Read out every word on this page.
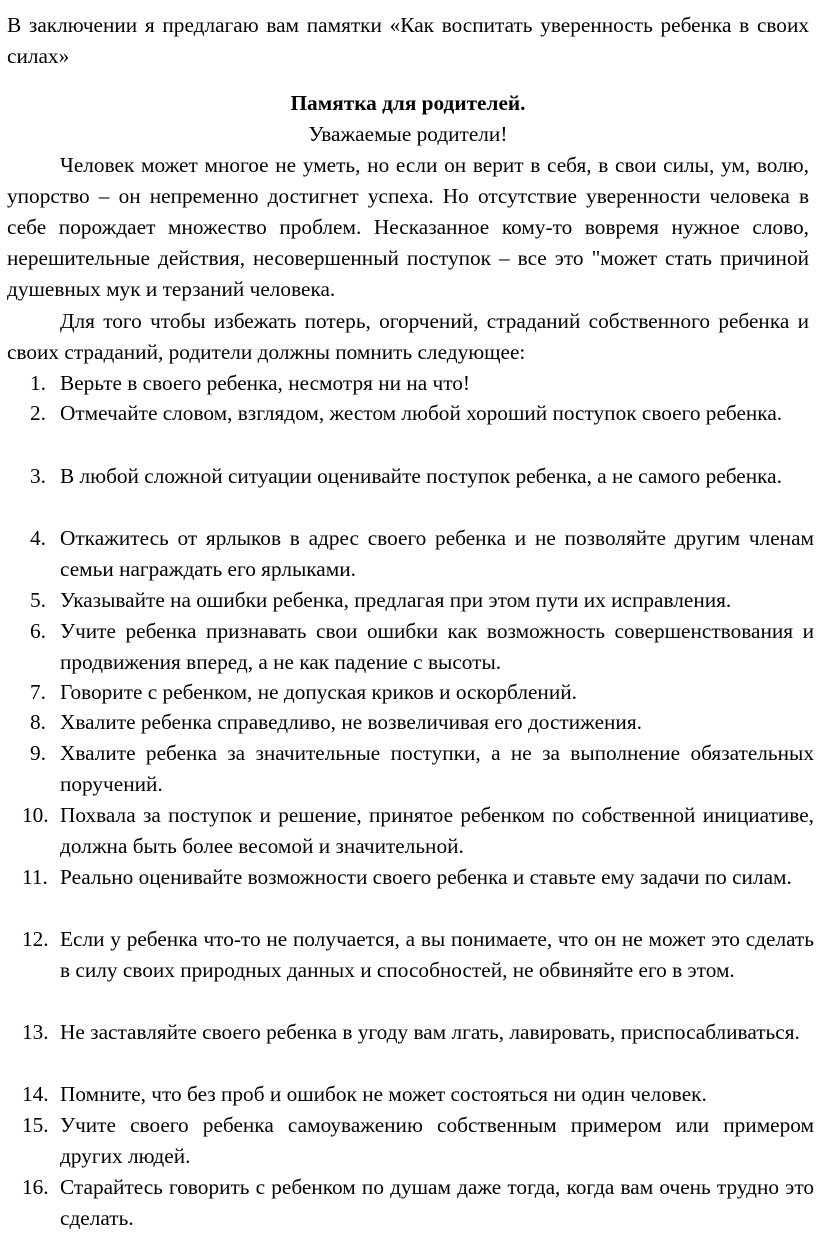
В заключении я предлагаю вам памятки «Как воспитать уверенность ребенка в своих силах»

Памятка для родителей.

Уважаемые родители!

Человек может многое не уметь, но если он верит в себя, в свои силы, ум, волю, упорство – он непременно достигнет успеха. Но отсутствие уверенности человека в себе порождает множество проблем. Несказанное кому-то вовремя нужное слово, нерешительные действия, несовершенный поступок – все это "может стать причиной душевных мук и терзаний человека.

Для того чтобы избежать потерь, огорчений, страданий собственного ребенка и своих страданий, родители должны помнить следующее:

1. Верьте в своего ребенка, несмотря ни на что!
2. Отмечайте словом, взглядом, жестом любой хороший поступок своего ребенка.
3. В любой сложной ситуации оценивайте поступок ребенка, а не самого ребенка.
4. Откажитесь от ярлыков в адрес своего ребенка и не позволяйте другим членам семьи награждать его ярлыками.
5. Указывайте на ошибки ребенка, предлагая при этом пути их исправления.
6. Учите ребенка признавать свои ошибки как возможность совершенствования и продвижения вперед, а не как падение с высоты.
7. Говорите с ребенком, не допуская криков и оскорблений.
8. Хвалите ребенка справедливо, не возвеличивая его достижения.
9. Хвалите ребенка за значительные поступки, а не за выполнение обязательных поручений.
10. Похвала за поступок и решение, принятое ребенком по собственной инициативе, должна быть более весомой и значительной.
11. Реально оценивайте возможности своего ребенка и ставьте ему задачи по силам.
12. Если у ребенка что-то не получается, а вы понимаете, что он не может это сделать в силу своих природных данных и способностей, не обвиняйте его в этом.
13. Не заставляйте своего ребенка в угоду вам лгать, лавировать, приспосабливаться.
14. Помните, что без проб и ошибок не может состояться ни один человек.
15. Учите своего ребенка самоуважению собственным примером или примером других людей.
16. Старайтесь говорить с ребенком по душам даже тогда, когда вам очень трудно это сделать.
